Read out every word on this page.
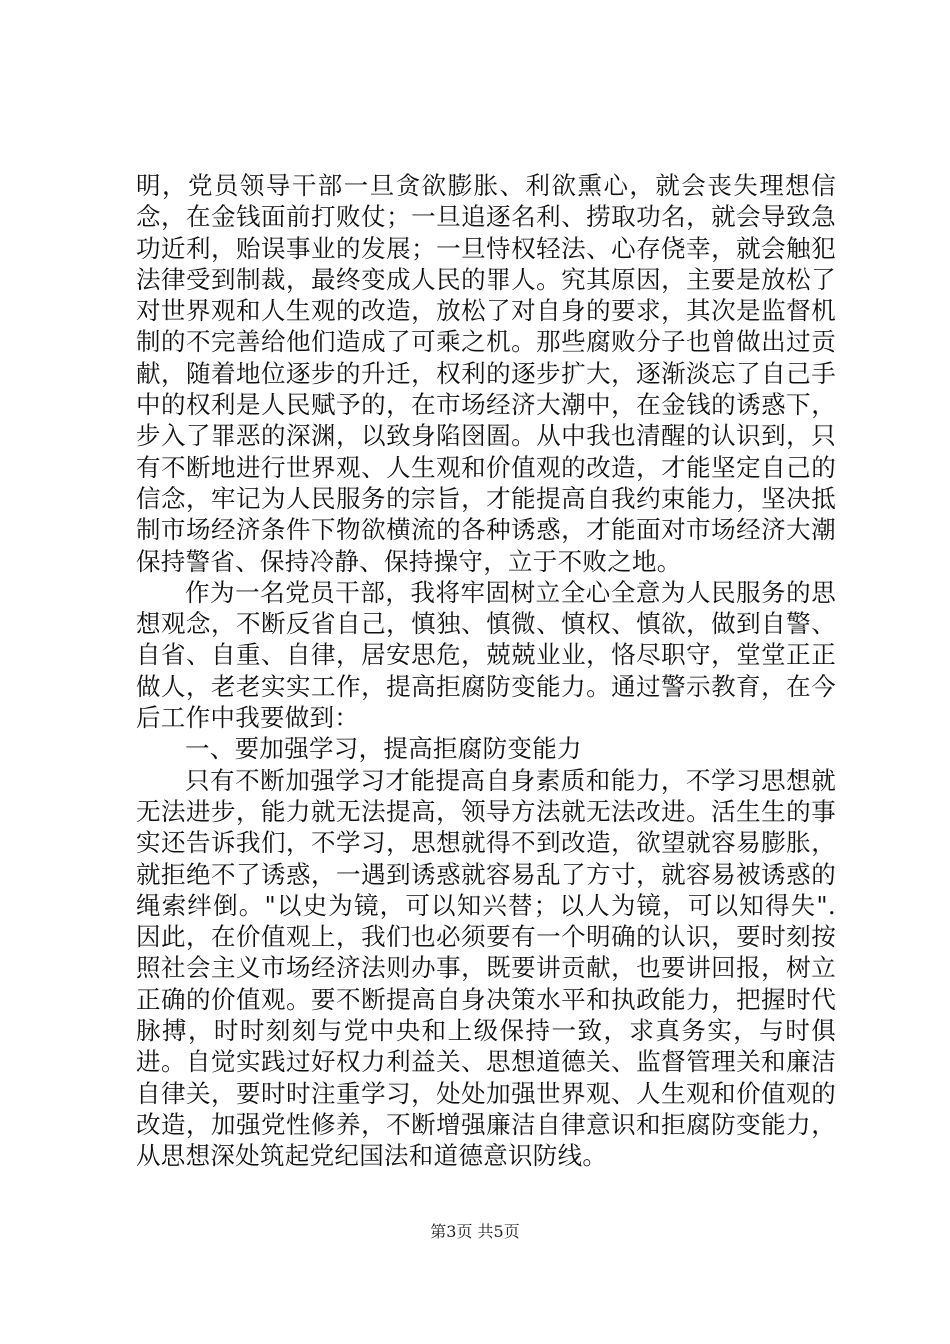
明，党员领导干部一旦贪欲膨胀、利欲熏心，就会丧失理想信念，在金钱面前打败仗；一旦追逐名利、捞取功名，就会导致急功近利，贻误事业的发展；一旦恃权轻法、心存侥幸，就会触犯法律受到制裁，最终变成人民的罪人。究其原因，主要是放松了对世界观和人生观的改造，放松了对自身的要求，其次是监督机制的不完善给他们造成了可乘之机。那些腐败分子也曾做出过贡献，随着地位逐步的升迁，权利的逐步扩大，逐渐淡忘了自己手中的权利是人民赋予的，在市场经济大潮中，在金钱的诱惑下，步入了罪恶的深渊，以致身陷囹圄。从中我也清醒的认识到，只有不断地进行世界观、人生观和价值观的改造，才能坚定自己的信念，牢记为人民服务的宗旨，才能提高自我约束能力，坚决抵制市场经济条件下物欲横流的各种诱惑，才能面对市场经济大潮保持警省、保持冷静、保持操守，立于不败之地。

作为一名党员干部，我将牢固树立全心全意为人民服务的思想观念，不断反省自己，慎独、慎微、慎权、慎欲，做到自警、自省、自重、自律，居安思危，兢兢业业，恪尽职守，堂堂正正做人，老老实实工作，提高拒腐防变能力。通过警示教育，在今后工作中我要做到：

一、要加强学习，提高拒腐防变能力

只有不断加强学习才能提高自身素质和能力，不学习思想就无法进步，能力就无法提高，领导方法就无法改进。活生生的事实还告诉我们，不学习，思想就得不到改造，欲望就容易膨胀，就拒绝不了诱惑，一遇到诱惑就容易乱了方寸，就容易被诱惑的绳索绊倒。"以史为镜，可以知兴替；以人为镜，可以知得失".因此，在价值观上，我们也必须要有一个明确的认识，要时刻按照社会主义市场经济法则办事，既要讲贡献，也要讲回报，树立正确的价值观。要不断提高自身决策水平和执政能力，把握时代脉搏，时时刻刻与党中央和上级保持一致，求真务实，与时俱进。自觉实践过好权力利益关、思想道德关、监督管理关和廉洁自律关，要时时注重学习，处处加强世界观、人生观和价值观的改造，加强党性修养，不断增强廉洁自律意识和拒腐防变能力，从思想深处筑起党纪国法和道德意识防线。

第3页 共5页
